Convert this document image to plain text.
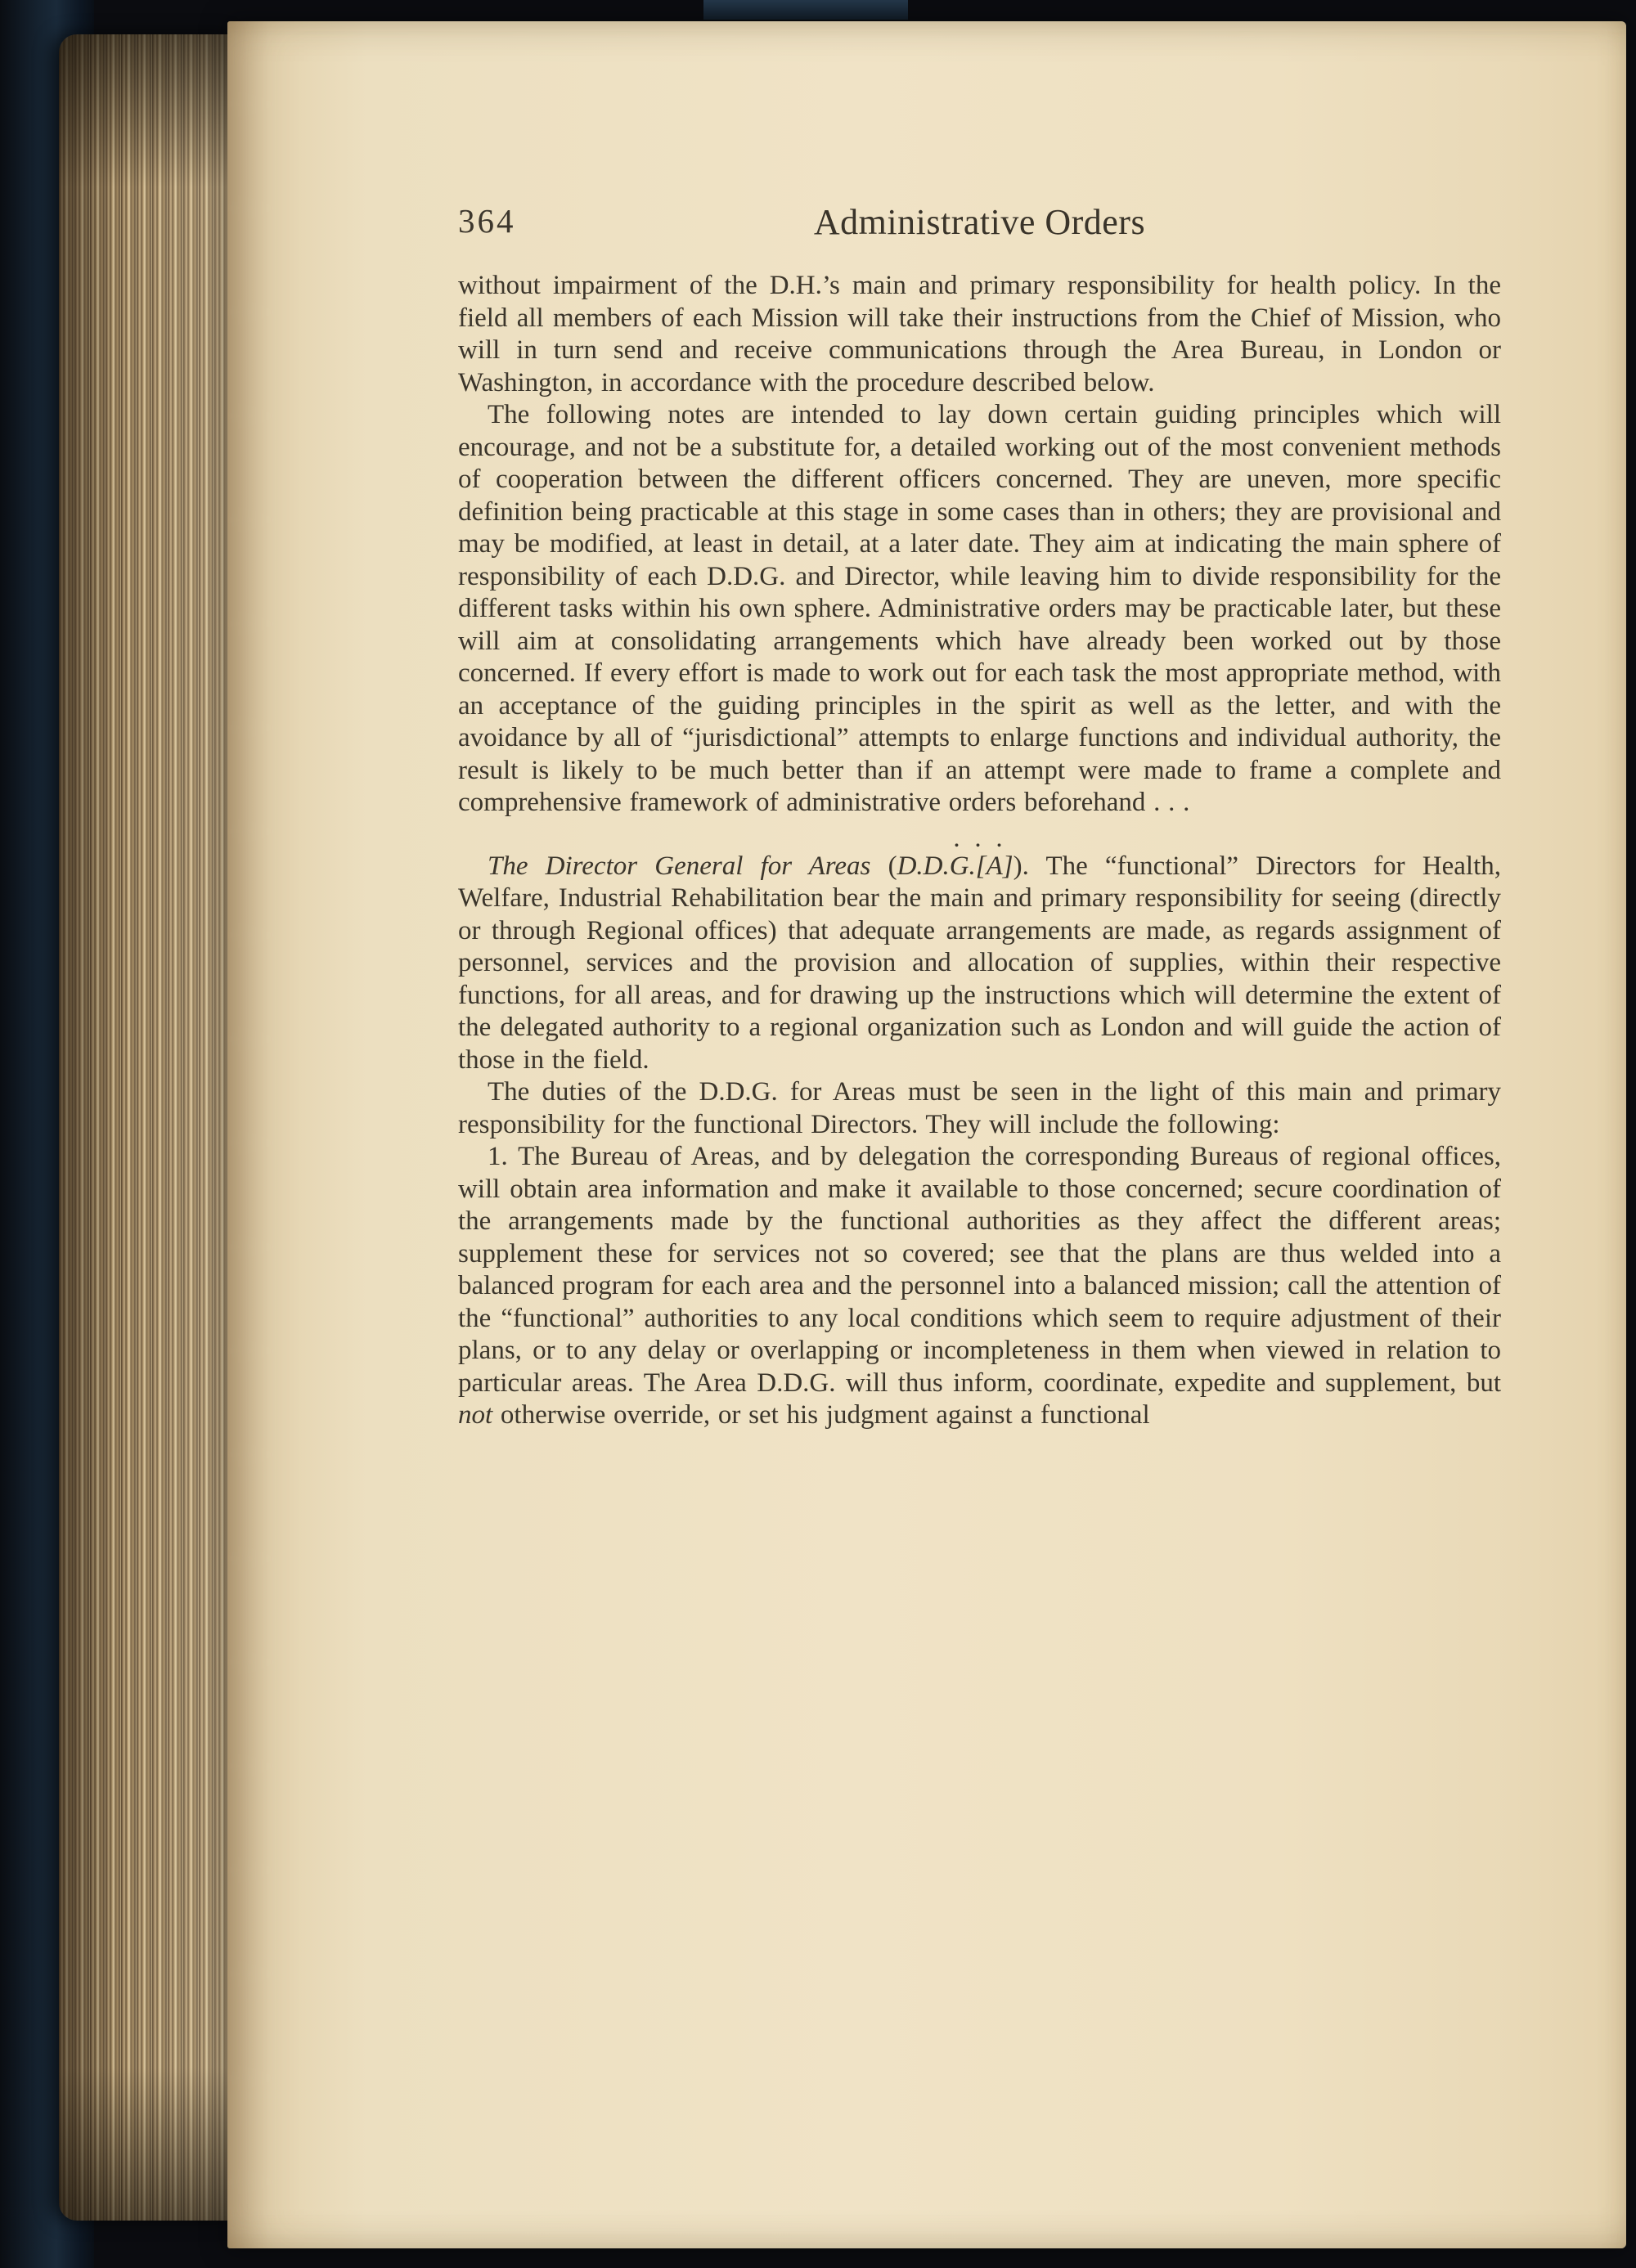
364	Administrative Orders

without impairment of the D.H.’s main and primary responsibility for health policy. In the field all members of each Mission will take their instructions from the Chief of Mission, who will in turn send and receive communications through the Area Bureau, in London or Washington, in accordance with the procedure described below.

The following notes are intended to lay down certain guiding principles which will encourage, and not be a substitute for, a detailed working out of the most convenient methods of cooperation between the different officers concerned. They are uneven, more specific definition being practicable at this stage in some cases than in others; they are provisional and may be modified, at least in detail, at a later date. They aim at indicating the main sphere of responsibility of each D.D.G. and Director, while leaving him to divide responsibility for the different tasks within his own sphere. Administrative orders may be practicable later, but these will aim at consolidating arrangements which have already been worked out by those concerned. If every effort is made to work out for each task the most appropriate method, with an acceptance of the guiding principles in the spirit as well as the letter, and with the avoidance by all of “jurisdictional” attempts to enlarge functions and individual authority, the result is likely to be much better than if an attempt were made to frame a complete and comprehensive framework of administrative orders beforehand . . .

. . .

The Director General for Areas (D.D.G.[A]). The “functional” Directors for Health, Welfare, Industrial Rehabilitation bear the main and primary responsibility for seeing (directly or through Regional offices) that adequate arrangements are made, as regards assignment of personnel, services and the provision and allocation of supplies, within their respective functions, for all areas, and for drawing up the instructions which will determine the extent of the delegated authority to a regional organization such as London and will guide the action of those in the field.

The duties of the D.D.G. for Areas must be seen in the light of this main and primary responsibility for the functional Directors. They will include the following:

1. The Bureau of Areas, and by delegation the corresponding Bureaus of regional offices, will obtain area information and make it available to those concerned; secure coordination of the arrangements made by the functional authorities as they affect the different areas; supplement these for services not so covered; see that the plans are thus welded into a balanced program for each area and the personnel into a balanced mission; call the attention of the “functional” authorities to any local conditions which seem to require adjustment of their plans, or to any delay or overlapping or incompleteness in them when viewed in relation to particular areas. The Area D.D.G. will thus inform, coordinate, expedite and supplement, but not otherwise override, or set his judgment against a functional
